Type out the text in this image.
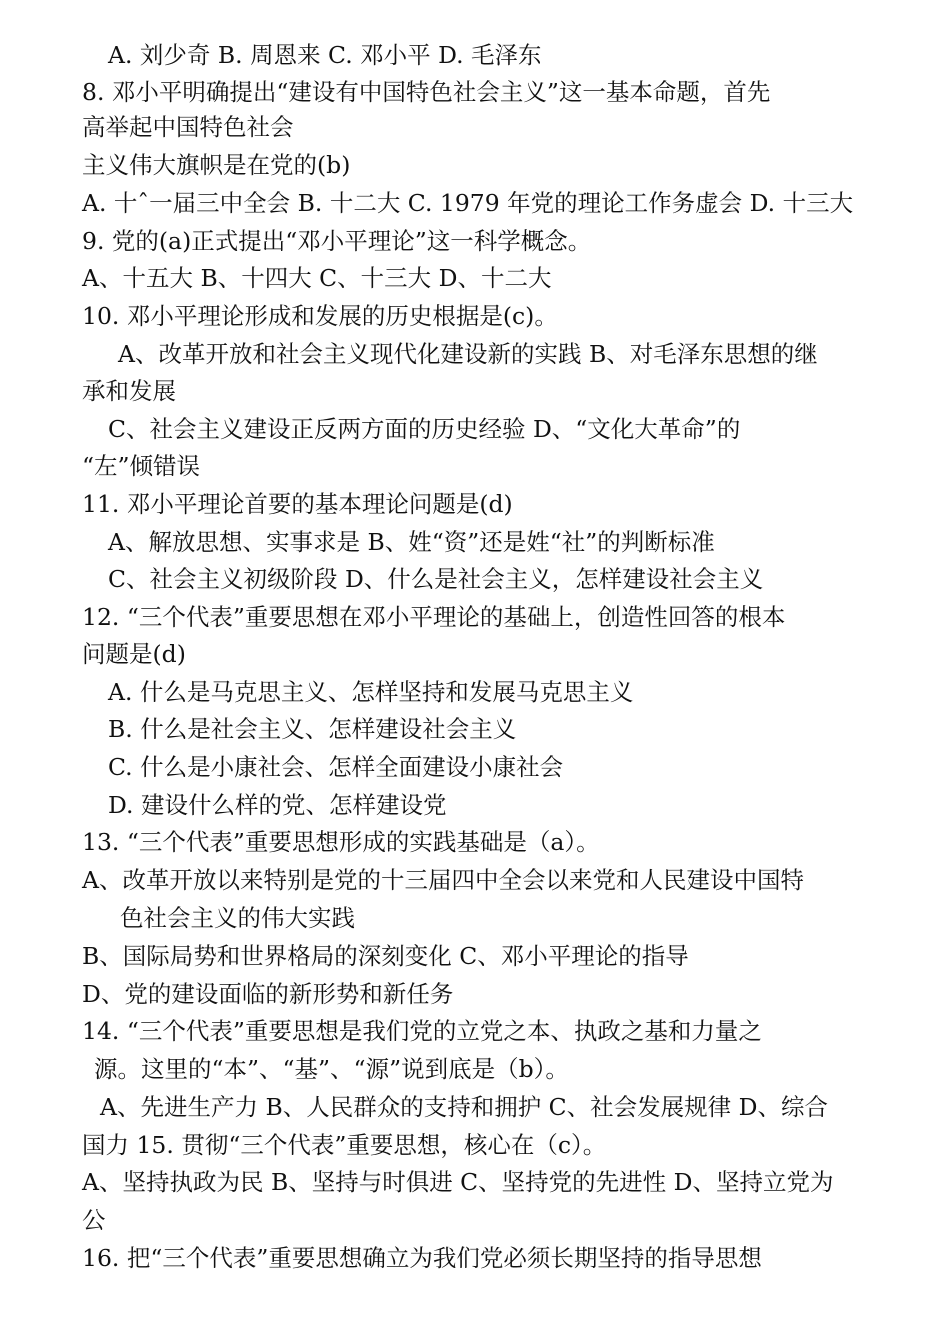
A. 刘少奇 B. 周恩来 C. 邓小平 D. 毛泽东
8. 邓小平明确提出“建设有中国特色社会主义”这一基本命题，首先
高举起中国特色社会
主义伟大旗帜是在党的(b)
A. 十ˆ一届三中全会 B. 十二大 C. 1979 年党的理论工作务虚会 D. 十三大
9. 党的(a)正式提出“邓小平理论”这一科学概念。
A、十五大 B、十四大 C、十三大 D、十二大
10. 邓小平理论形成和发展的历史根据是(c)。
A、改革开放和社会主义现代化建设新的实践 B、对毛泽东思想的继
承和发展
C、社会主义建设正反两方面的历史经验 D、“文化大革命”的
“左”倾错误
11. 邓小平理论首要的基本理论问题是(d)
A、解放思想、实事求是 B、姓“资”还是姓“社”的判断标准
C、社会主义初级阶段 D、什么是社会主义，怎样建设社会主义
12. “三个代表”重要思想在邓小平理论的基础上，创造性回答的根本
问题是(d)
A. 什么是马克思主义、怎样坚持和发展马克思主义
B. 什么是社会主义、怎样建设社会主义
C. 什么是小康社会、怎样全面建设小康社会
D. 建设什么样的党、怎样建设党
13. “三个代表”重要思想形成的实践基础是（a）。
A、改革开放以来特别是党的十三届四中全会以来党和人民建设中国特
色社会主义的伟大实践
B、国际局势和世界格局的深刻变化 C、邓小平理论的指导
D、党的建设面临的新形势和新任务
14. “三个代表”重要思想是我们党的立党之本、执政之基和力量之
源。这里的“本”、“基”、“源”说到底是（b）。
A、先进生产力 B、人民群众的支持和拥护 C、社会发展规律 D、综合
国力 15. 贯彻“三个代表”重要思想，核心在（c）。
A、坚持执政为民 B、坚持与时俱进 C、坚持党的先进性 D、坚持立党为
公
16. 把“三个代表”重要思想确立为我们党必须长期坚持的指导思想
